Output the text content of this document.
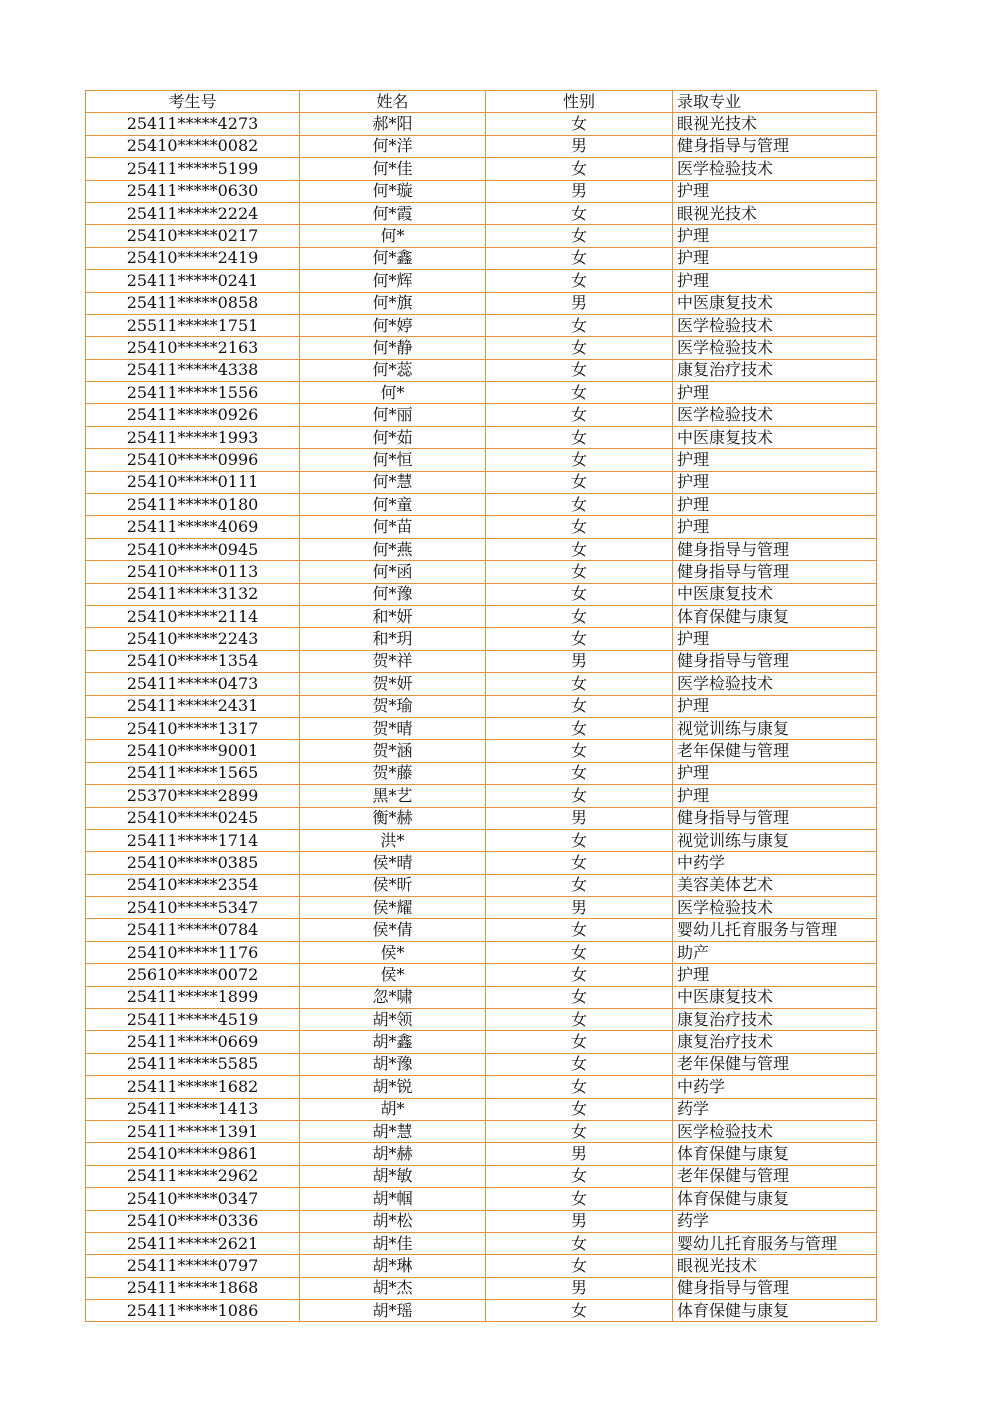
考生号	姓名	性别	录取专业
25411*****4273	郝*阳	女	眼视光技术
25410*****0082	何*洋	男	健身指导与管理
25411*****5199	何*佳	女	医学检验技术
25411*****0630	何*璇	男	护理
25411*****2224	何*霞	女	眼视光技术
25410*****0217	何*	女	护理
25410*****2419	何*鑫	女	护理
25411*****0241	何*辉	女	护理
25411*****0858	何*旗	男	中医康复技术
25511*****1751	何*婷	女	医学检验技术
25410*****2163	何*静	女	医学检验技术
25411*****4338	何*蕊	女	康复治疗技术
25411*****1556	何*	女	护理
25411*****0926	何*丽	女	医学检验技术
25411*****1993	何*茹	女	中医康复技术
25410*****0996	何*恒	女	护理
25410*****0111	何*慧	女	护理
25411*****0180	何*童	女	护理
25411*****4069	何*苗	女	护理
25410*****0945	何*燕	女	健身指导与管理
25410*****0113	何*函	女	健身指导与管理
25411*****3132	何*豫	女	中医康复技术
25410*****2114	和*妍	女	体育保健与康复
25410*****2243	和*玥	女	护理
25410*****1354	贺*祥	男	健身指导与管理
25411*****0473	贺*妍	女	医学检验技术
25411*****2431	贺*瑜	女	护理
25410*****1317	贺*晴	女	视觉训练与康复
25410*****9001	贺*涵	女	老年保健与管理
25411*****1565	贺*藤	女	护理
25370*****2899	黑*艺	女	护理
25410*****0245	衡*赫	男	健身指导与管理
25411*****1714	洪*	女	视觉训练与康复
25410*****0385	侯*晴	女	中药学
25410*****2354	侯*昕	女	美容美体艺术
25410*****5347	侯*耀	男	医学检验技术
25411*****0784	侯*倩	女	婴幼儿托育服务与管理
25410*****1176	侯*	女	助产
25610*****0072	侯*	女	护理
25411*****1899	忽*啸	女	中医康复技术
25411*****4519	胡*领	女	康复治疗技术
25411*****0669	胡*鑫	女	康复治疗技术
25411*****5585	胡*豫	女	老年保健与管理
25411*****1682	胡*锐	女	中药学
25411*****1413	胡*	女	药学
25411*****1391	胡*慧	女	医学检验技术
25410*****9861	胡*赫	男	体育保健与康复
25411*****2962	胡*敏	女	老年保健与管理
25410*****0347	胡*帼	女	体育保健与康复
25410*****0336	胡*松	男	药学
25411*****2621	胡*佳	女	婴幼儿托育服务与管理
25411*****0797	胡*琳	女	眼视光技术
25411*****1868	胡*杰	男	健身指导与管理
25411*****1086	胡*瑶	女	体育保健与康复
